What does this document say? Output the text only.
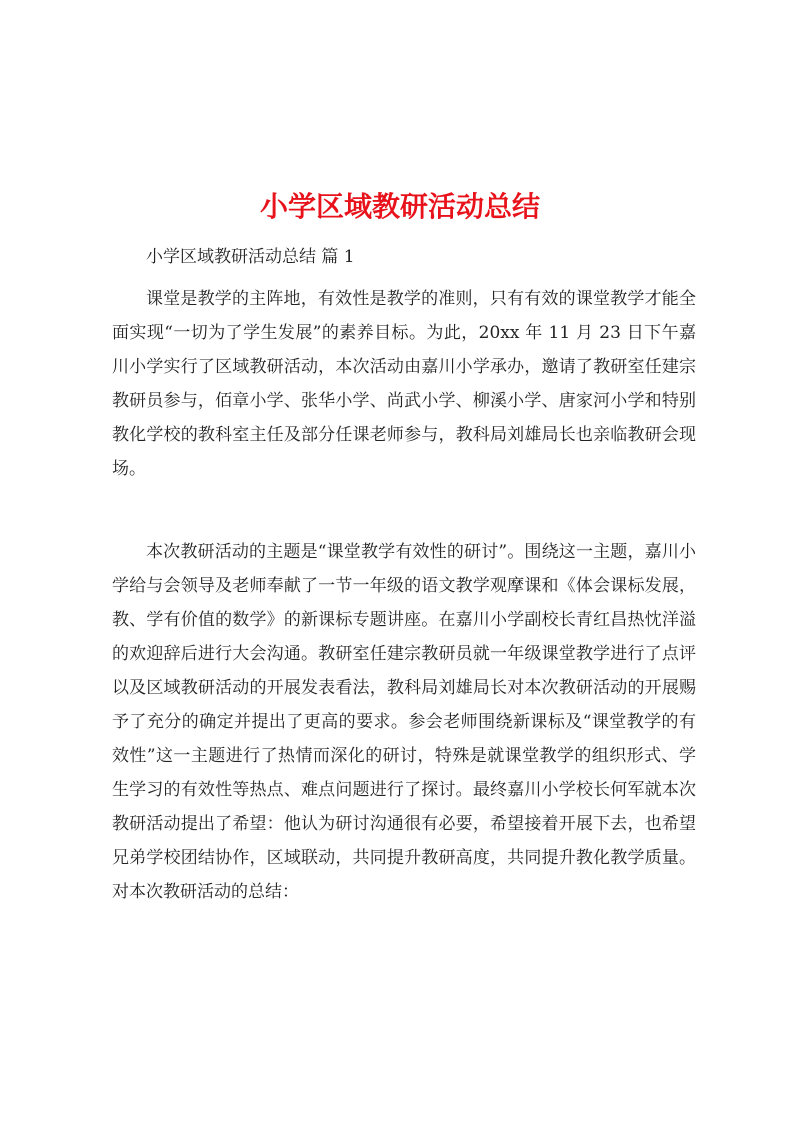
小学区域教研活动总结
小学区域教研活动总结 篇 1

课堂是教学的主阵地，有效性是教学的准则，只有有效的课堂教学才能全面实现“一切为了学生发展”的素养目标。为此，20xx 年 11 月 23 日下午嘉川小学实行了区域教研活动，本次活动由嘉川小学承办，邀请了教研室任建宗教研员参与，佰章小学、张华小学、尚武小学、柳溪小学、唐家河小学和特别教化学校的教科室主任及部分任课老师参与，教科局刘雄局长也亲临教研会现场。

本次教研活动的主题是“课堂教学有效性的研讨”。围绕这一主题，嘉川小学给与会领导及老师奉献了一节一年级的语文教学观摩课和《体会课标发展，教、学有价值的数学》的新课标专题讲座。在嘉川小学副校长青红昌热忱洋溢的欢迎辞后进行大会沟通。教研室任建宗教研员就一年级课堂教学进行了点评以及区域教研活动的开展发表看法，教科局刘雄局长对本次教研活动的开展赐予了充分的确定并提出了更高的要求。参会老师围绕新课标及“课堂教学的有效性”这一主题进行了热情而深化的研讨，特殊是就课堂教学的组织形式、学生学习的有效性等热点、难点问题进行了探讨。最终嘉川小学校长何军就本次教研活动提出了希望：他认为研讨沟通很有必要，希望接着开展下去，也希望兄弟学校团结协作，区域联动，共同提升教研高度，共同提升教化教学质量。对本次教研活动的总结：
